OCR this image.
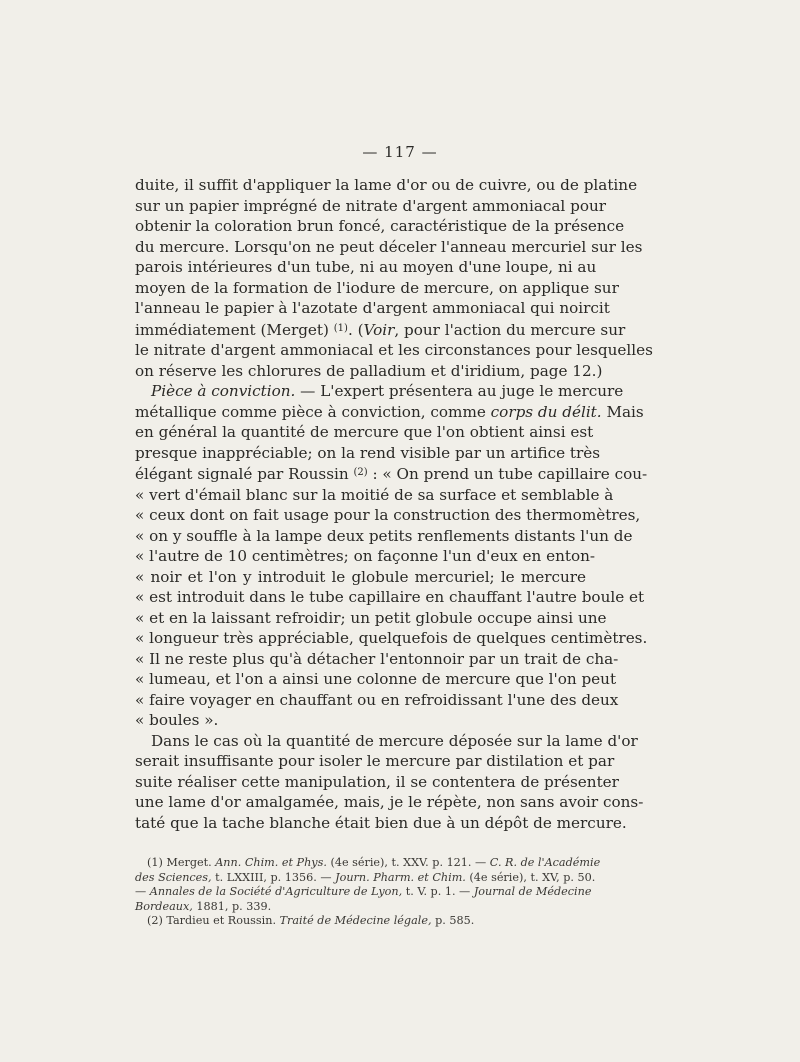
— 117 —

duite, il suffit d'appliquer la lame d'or ou de cuivre, ou de platine
sur un papier imprégné de nitrate d'argent ammoniacal pour
obtenir la coloration brun foncé, caractéristique de la présence
du mercure. Lorsqu'on ne peut déceler l'anneau mercuriel sur les
parois intérieures d'un tube, ni au moyen d'une loupe, ni au
moyen de la formation de l'iodure de mercure, on applique sur
l'anneau le papier à l'azotate d'argent ammoniacal qui noircit
immédiatement (Merget) $^{(1)}$. (Voir, pour l'action du mercure sur
le nitrate d'argent ammoniacal et les circonstances pour lesquelles
on réserve les chlorures de palladium et d'iridium, page 12.)

Pièce à conviction. — L'expert présentera au juge le mercure
métallique comme pièce à conviction, comme corps du délit. Mais
en général la quantité de mercure que l'on obtient ainsi est
presque inappréciable; on la rend visible par un artifice très
élégant signalé par Roussin $^{(2)}$ : « On prend un tube capillaire cou-
« vert d'émail blanc sur la moitié de sa surface et semblable à
« ceux dont on fait usage pour la construction des thermomètres,
« on y souffle à la lampe deux petits renflements distants l'un de
« l'autre de 10 centimètres; on façonne l'un d'eux en enton-
« noir et l'on y introduit le globule mercuriel; le mercure
« est introduit dans le tube capillaire en chauffant l'autre boule et
« et en la laissant refroidir; un petit globule occupe ainsi une
« longueur très appréciable, quelquefois de quelques centimètres.
« Il ne reste plus qu'à détacher l'entonnoir par un trait de cha-
« lumeau, et l'on a ainsi une colonne de mercure que l'on peut
« faire voyager en chauffant ou en refroidissant l'une des deux
« boules ».

Dans le cas où la quantité de mercure déposée sur la lame d'or
serait insuffisante pour isoler le mercure par distilation et par
suite réaliser cette manipulation, il se contentera de présenter
une lame d'or amalgamée, mais, je le répète, non sans avoir cons-
taté que la tache blanche était bien due à un dépôt de mercure.

(1) Merget. Ann. Chim. et Phys. (4e série), t. XXV. p. 121. — C. R. de l'Académie
des Sciences, t. LXXIII, p. 1356. — Journ. Pharm. et Chim. (4e série), t. XV, p. 50.
— Annales de la Société d'Agriculture de Lyon, t. V. p. 1. — Journal de Médecine
Bordeaux, 1881, p. 339.
(2) Tardieu et Roussin. Traité de Médecine légale, p. 585.
